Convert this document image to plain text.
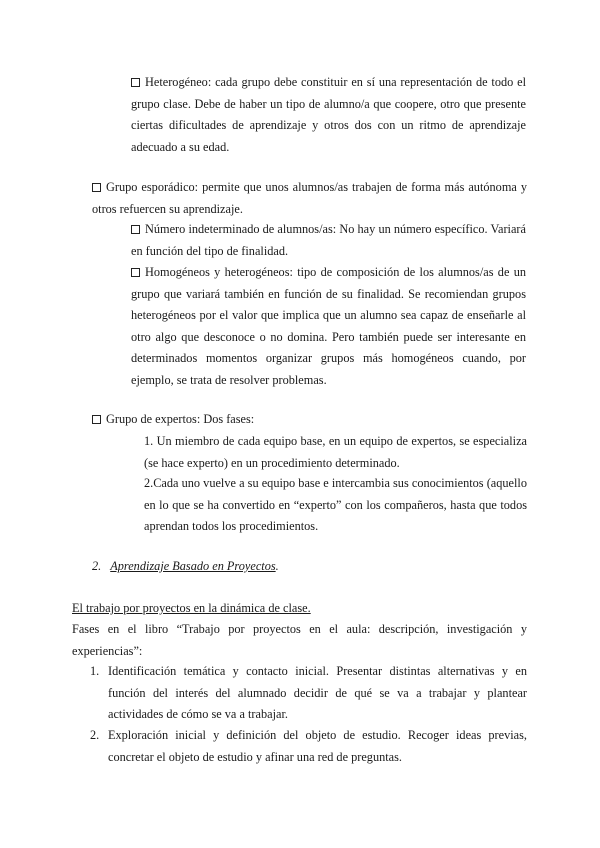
Heterogéneo: cada grupo debe constituir en sí una representación de todo el grupo clase. Debe de haber un tipo de alumno/a que coopere, otro que presente ciertas dificultades de aprendizaje y otros dos con un ritmo de aprendizaje adecuado a su edad.
Grupo esporádico: permite que unos alumnos/as trabajen de forma más autónoma y otros refuercen su aprendizaje.
Número indeterminado de alumnos/as: No hay un número específico. Variará en función del tipo de finalidad.
Homogéneos y heterogéneos: tipo de composición de los alumnos/as de un grupo que variará también en función de su finalidad. Se recomiendan grupos heterogéneos por el valor que implica que un alumno sea capaz de enseñarle al otro algo que desconoce o no domina. Pero también puede ser interesante en determinados momentos organizar grupos más homogéneos cuando, por ejemplo, se trata de resolver problemas.
Grupo de expertos: Dos fases:
1. Un miembro de cada equipo base, en un equipo de expertos, se especializa (se hace experto) en un procedimiento determinado.
2.Cada uno vuelve a su equipo base e intercambia sus conocimientos (aquello en lo que se ha convertido en “experto” con los compañeros, hasta que todos aprendan todos los procedimientos.
2. Aprendizaje Basado en Proyectos.
El trabajo por proyectos en la dinámica de clase.
Fases en el libro “Trabajo por proyectos en el aula: descripción, investigación y experiencias”:
1. Identificación temática y contacto inicial. Presentar distintas alternativas y en función del interés del alumnado decidir de qué se va a trabajar y plantear actividades de cómo se va a trabajar.
2. Exploración inicial y definición del objeto de estudio. Recoger ideas previas, concretar el objeto de estudio y afinar una red de preguntas.
